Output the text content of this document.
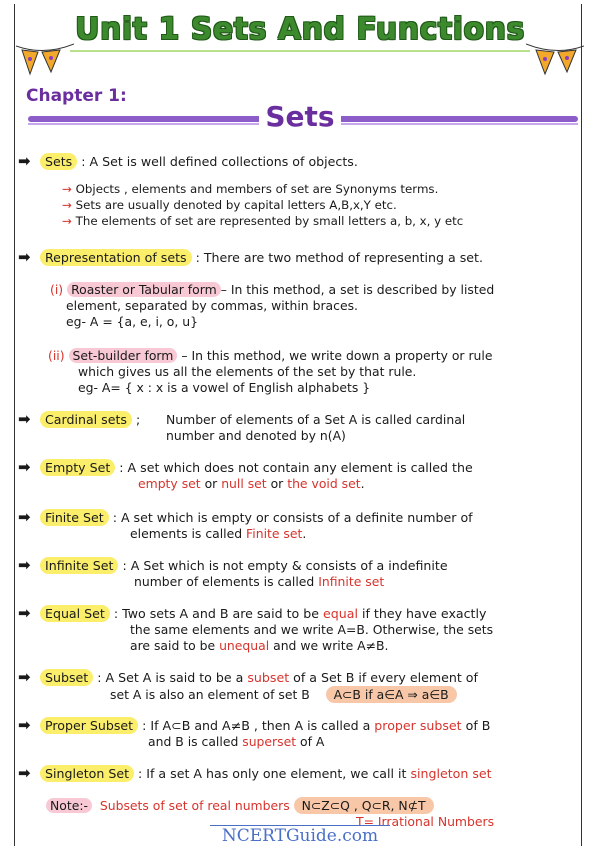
Unit 1 Sets And Functions
Chapter 1:
Sets
➡ Sets : A Set is well defined collections of objects.
→ Objects , elements and members of set are Synonyms terms.
→ Sets are usually denoted by capital letters A,B,x,Y etc.
→ The elements of set are represented by small letters a, b, x, y etc
➡ Representation of sets : There are two method of representing a set.
(i) Roaster or Tabular form – In this method, a set is described by listed
element, separated by commas, within braces.
eg- A = {a, e, i, o, u}
(ii) Set-builder form – In this method, we write down a property or rule
which gives us all the elements of the set by that rule.
eg- A= { x : x is a vowel of English alphabets }
➡ Cardinal sets ; Number of elements of a Set A is called cardinal
number and denoted by n(A)
➡ Empty Set : A set which does not contain any element is called the
empty set or null set or the void set.
➡ Finite Set : A set which is empty or consists of a definite number of
elements is called Finite set.
➡ Infinite Set : A Set which is not empty & consists of a indefinite
number of elements is called Infinite set
➡ Equal Set : Two sets A and B are said to be equal if they have exactly
the same elements and we write A=B. Otherwise, the sets
are said to be unequal and we write A≠B.
➡ Subset : A Set A is said to be a subset of a Set B if every element of
set A is also an element of set B A⊂B if a∈A ⇒ a∈B
➡ Proper Subset : If A⊂B and A≠B , then A is called a proper subset of B
and B is called superset of A
➡ Singleton Set : If a set A has only one element, we call it singleton set
Note:- Subsets of set of real numbers N⊂Z⊂Q , Q⊂R, N⊄T
T= Irrational Numbers
NCERTGuide.com
